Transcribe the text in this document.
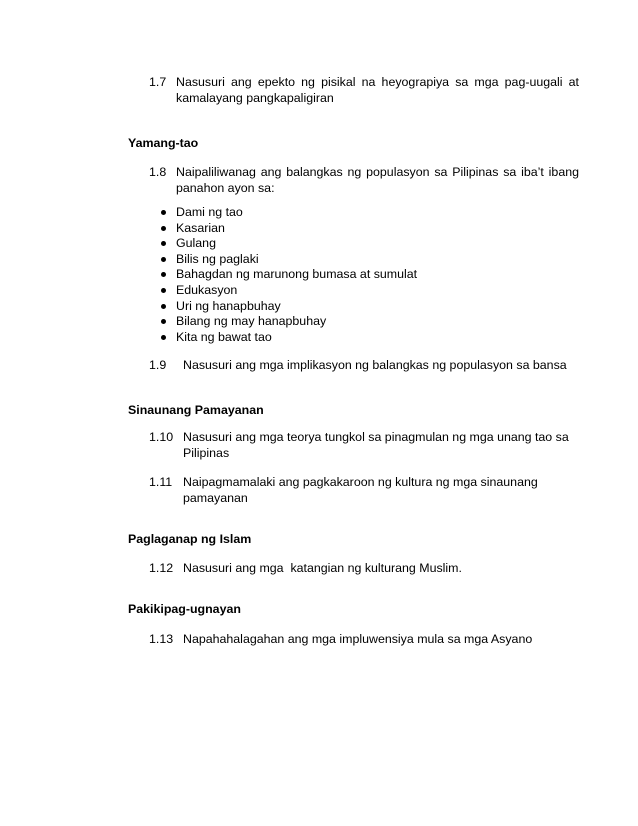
1.7 Nasusuri ang epekto ng pisikal na heyograpiya sa mga pag-uugali at kamalayang pangkapaligiran
Yamang-tao
1.8 Naipaliliwanag ang balangkas ng populasyon sa Pilipinas sa iba’t ibang panahon ayon sa:
Dami ng tao
Kasarian
Gulang
Bilis ng paglaki
Bahagdan ng marunong bumasa at sumulat
Edukasyon
Uri ng hanapbuhay
Bilang ng may hanapbuhay
Kita ng bawat tao
1.9	Nasusuri ang mga implikasyon ng balangkas ng populasyon sa bansa
Sinaunang Pamayanan
1.10 Nasusuri ang mga teorya tungkol sa pinagmulan ng mga unang tao sa Pilipinas
1.11 Naipagmamalaki ang pagkakaroon ng kultura ng mga sinaunang pamayanan
Paglaganap ng Islam
1.12 Nasusuri ang mga  katangian ng kulturang Muslim.
Pakikipag-ugnayan
1.13 Napahahalagahan ang mga impluwensiya mula sa mga Asyano
